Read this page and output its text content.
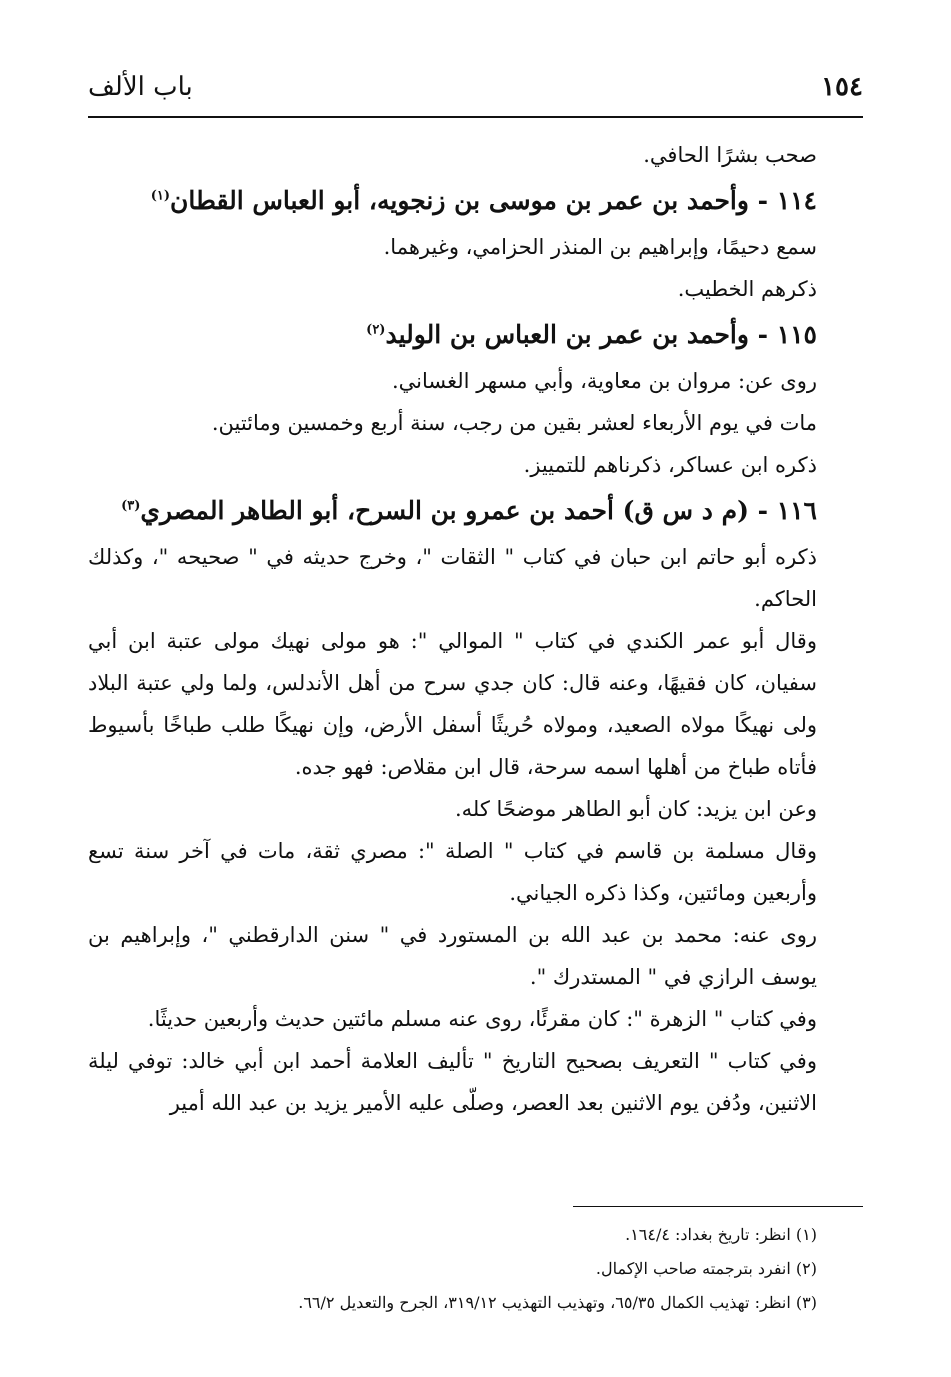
١٥٤
باب الألف

صحب بشرًا الحافي.

١١٤ - وأحمد بن عمر بن موسى بن زنجويه، أبو العباس القطان$^{(١)}$

سمع دحيمًا، وإبراهيم بن المنذر الحزامي، وغيرهما.

ذكرهم الخطيب.

١١٥ - وأحمد بن عمر بن العباس بن الوليد$^{(٢)}$

روى عن: مروان بن معاوية، وأبي مسهر الغساني.

مات في يوم الأربعاء لعشر بقين من رجب، سنة أربع وخمسين ومائتين.

ذكره ابن عساكر، ذكرناهم للتمييز.

١١٦ - (م د س ق) أحمد بن عمرو بن السرح، أبو الطاهر المصري$^{(٣)}$

ذكره أبو حاتم ابن حبان في كتاب " الثقات "، وخرج حديثه في " صحيحه "، وكذلك الحاكم.

وقال أبو عمر الكندي في كتاب " الموالي ": هو مولى نهيك مولى عتبة ابن أبي سفيان، كان فقيهًا، وعنه قال: كان جدي سرح من أهل الأندلس، ولما ولي عتبة البلاد ولى نهيكًا مولاه الصعيد، ومولاه حُريثًا أسفل الأرض، وإن نهيكًا طلب طباخًا بأسيوط فأتاه طباخ من أهلها اسمه سرحة، قال ابن مقلاص: فهو جده.

وعن ابن يزيد: كان أبو الطاهر موضحًا كله.

وقال مسلمة بن قاسم في كتاب " الصلة ": مصري ثقة، مات في آخر سنة تسع وأربعين ومائتين، وكذا ذكره الجياني.

روى عنه: محمد بن عبد الله بن المستورد في " سنن الدارقطني "، وإبراهيم بن يوسف الرازي في " المستدرك ".

وفي كتاب " الزهرة ": كان مقرئًا، روى عنه مسلم مائتين حديث وأربعين حديثًا.

وفي كتاب " التعريف بصحيح التاريخ " تأليف العلامة أحمد ابن أبي خالد: توفي ليلة الاثنين، ودُفن يوم الاثنين بعد العصر، وصلّى عليه الأمير يزيد بن عبد الله أمير

(١) انظر: تاريخ بغداد: ١٦٤/٤.

(٢) انفرد بترجمته صاحب الإكمال.

(٣) انظر: تهذيب الكمال ٦٥/٣٥، وتهذيب التهذيب ٣١٩/١٢، الجرح والتعديل ٦٦/٢.
